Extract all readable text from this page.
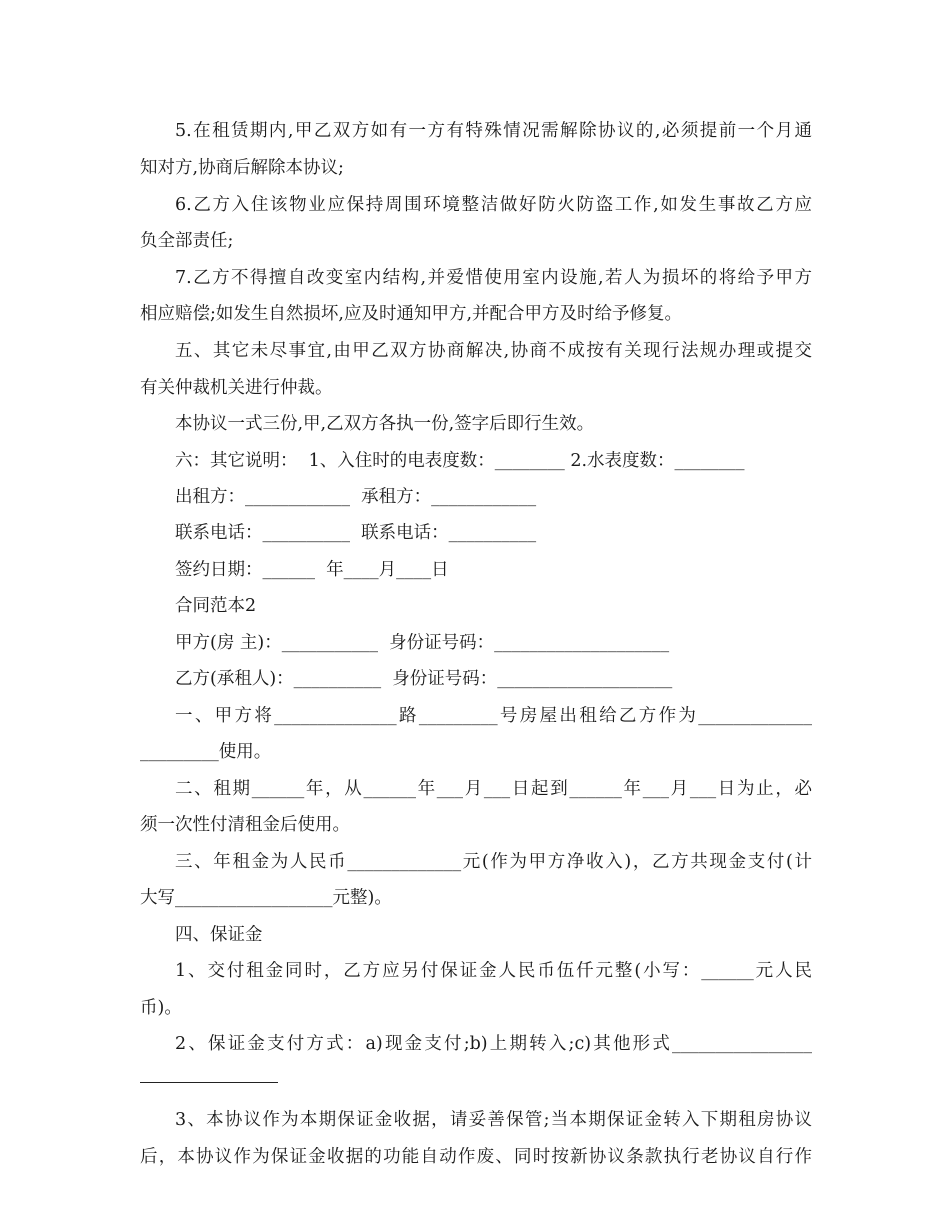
5.在租赁期内,甲乙双方如有一方有特殊情况需解除协议的,必须提前一个月通
知对方,协商后解除本协议;
6.乙方入住该物业应保持周围环境整洁做好防火防盗工作,如发生事故乙方应
负全部责任;
7.乙方不得擅自改变室内结构,并爱惜使用室内设施,若人为损坏的将给予甲方
相应赔偿;如发生自然损坏,应及时通知甲方,并配合甲方及时给予修复。
五、其它未尽事宜,由甲乙双方协商解决,协商不成按有关现行法规办理或提交
有关仲裁机关进行仲裁。
本协议一式三份,甲,乙双方各执一份,签字后即行生效。
六：其它说明：  1、入住时的电表度数：________ 2.水表度数：________
出租方：____________  承租方：____________
联系电话：__________  联系电话：__________
签约日期：______  年____月____日
合同范本2
甲方(房 主)：___________  身份证号码：____________________
乙方(承租人)：__________  身份证号码：____________________
一、甲方将______________路_________号房屋出租给乙方作为_____________
_________使用。
二、租期______年，从______年___月___日起到______年___月___日为止，必
须一次性付清租金后使用。
三、年租金为人民币_____________元(作为甲方净收入)，乙方共现金支付(计
大写__________________元整)。
四、保证金
1、交付租金同时，乙方应另付保证金人民币伍仟元整(小写：______元人民
币)。
2、保证金支付方式：a)现金支付;b)上期转入;c)其他形式________________
3、本协议作为本期保证金收据，请妥善保管;当本期保证金转入下期租房协议
后，本协议作为保证金收据的功能自动作废、同时按新协议条款执行老协议自行作
